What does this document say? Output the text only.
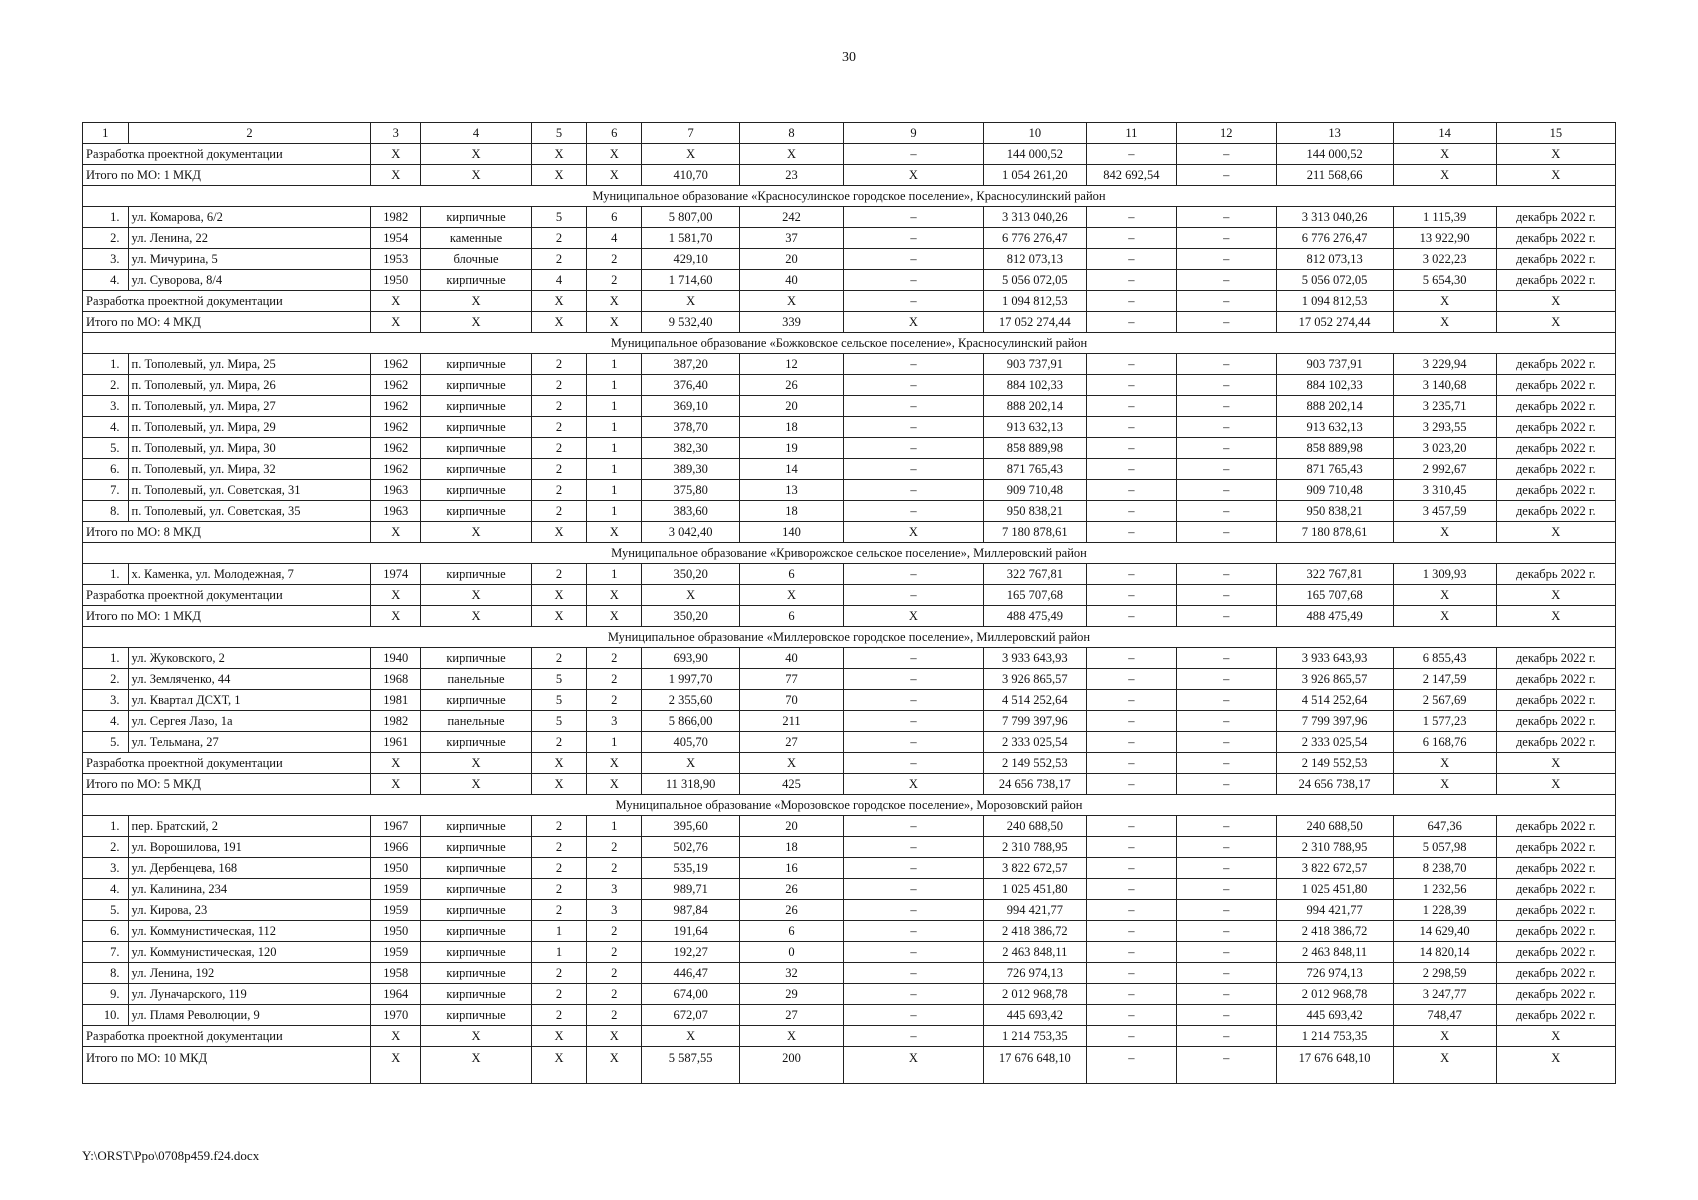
30
1	2	3	4	5	6	7	8	9	10	11	12	13	14	15
Разработка проектной документации		X	X	X	X	X	X	–	144 000,52	–	–	144 000,52	X	X
Итого по МО: 1 МКД		X	X	X	X	410,70	23	X	1 054 261,20	842 692,54	–	211 568,66	X	X
Муниципальное образование «Красносулинское городское поселение», Красносулинский район														
1.	ул. Комарова, 6/2	1982	кирпичные	5	6	5 807,00	242	–	3 313 040,26	–	–	3 313 040,26	1 115,39	декабрь 2022 г.
2.	ул. Ленина, 22	1954	каменные	2	4	1 581,70	37	–	6 776 276,47	–	–	6 776 276,47	13 922,90	декабрь 2022 г.
3.	ул. Мичурина, 5	1953	блочные	2	2	429,10	20	–	812 073,13	–	–	812 073,13	3 022,23	декабрь 2022 г.
4.	ул. Суворова, 8/4	1950	кирпичные	4	2	1 714,60	40	–	5 056 072,05	–	–	5 056 072,05	5 654,30	декабрь 2022 г.
Разработка проектной документации		X	X	X	X	X	X	–	1 094 812,53	–	–	1 094 812,53	X	X
Итого по МО: 4 МКД		X	X	X	X	9 532,40	339	X	17 052 274,44	–	–	17 052 274,44	X	X
Муниципальное образование «Божковское сельское поселение», Красносулинский район														
1.	п. Тополевый, ул. Мира, 25	1962	кирпичные	2	1	387,20	12	–	903 737,91	–	–	903 737,91	3 229,94	декабрь 2022 г.
2.	п. Тополевый, ул. Мира, 26	1962	кирпичные	2	1	376,40	26	–	884 102,33	–	–	884 102,33	3 140,68	декабрь 2022 г.
3.	п. Тополевый, ул. Мира, 27	1962	кирпичные	2	1	369,10	20	–	888 202,14	–	–	888 202,14	3 235,71	декабрь 2022 г.
4.	п. Тополевый, ул. Мира, 29	1962	кирпичные	2	1	378,70	18	–	913 632,13	–	–	913 632,13	3 293,55	декабрь 2022 г.
5.	п. Тополевый, ул. Мира, 30	1962	кирпичные	2	1	382,30	19	–	858 889,98	–	–	858 889,98	3 023,20	декабрь 2022 г.
6.	п. Тополевый, ул. Мира, 32	1962	кирпичные	2	1	389,30	14	–	871 765,43	–	–	871 765,43	2 992,67	декабрь 2022 г.
7.	п. Тополевый, ул. Советская, 31	1963	кирпичные	2	1	375,80	13	–	909 710,48	–	–	909 710,48	3 310,45	декабрь 2022 г.
8.	п. Тополевый, ул. Советская, 35	1963	кирпичные	2	1	383,60	18	–	950 838,21	–	–	950 838,21	3 457,59	декабрь 2022 г.
Итого по МО: 8 МКД		X	X	X	X	3 042,40	140	X	7 180 878,61	–	–	7 180 878,61	X	X
Муниципальное образование «Криворожское сельское поселение», Миллеровский район														
1.	х. Каменка, ул. Молодежная, 7	1974	кирпичные	2	1	350,20	6	–	322 767,81	–	–	322 767,81	1 309,93	декабрь 2022 г.
Разработка проектной документации		X	X	X	X	X	X	–	165 707,68	–	–	165 707,68	X	X
Итого по МО: 1 МКД		X	X	X	X	350,20	6	X	488 475,49	–	–	488 475,49	X	X
Муниципальное образование «Миллеровское городское поселение», Миллеровский район														
1.	ул. Жуковского, 2	1940	кирпичные	2	2	693,90	40	–	3 933 643,93	–	–	3 933 643,93	6 855,43	декабрь 2022 г.
2.	ул. Земляченко, 44	1968	панельные	5	2	1 997,70	77	–	3 926 865,57	–	–	3 926 865,57	2 147,59	декабрь 2022 г.
3.	ул. Квартал ДСХТ, 1	1981	кирпичные	5	2	2 355,60	70	–	4 514 252,64	–	–	4 514 252,64	2 567,69	декабрь 2022 г.
4.	ул. Сергея Лазо, 1а	1982	панельные	5	3	5 866,00	211	–	7 799 397,96	–	–	7 799 397,96	1 577,23	декабрь 2022 г.
5.	ул. Тельмана, 27	1961	кирпичные	2	1	405,70	27	–	2 333 025,54	–	–	2 333 025,54	6 168,76	декабрь 2022 г.
Разработка проектной документации		X	X	X	X	X	X	–	2 149 552,53	–	–	2 149 552,53	X	X
Итого по МО: 5 МКД		X	X	X	X	11 318,90	425	X	24 656 738,17	–	–	24 656 738,17	X	X
Муниципальное образование «Морозовское городское поселение», Морозовский район														
1.	пер. Братский, 2	1967	кирпичные	2	1	395,60	20	–	240 688,50	–	–	240 688,50	647,36	декабрь 2022 г.
2.	ул. Ворошилова, 191	1966	кирпичные	2	2	502,76	18	–	2 310 788,95	–	–	2 310 788,95	5 057,98	декабрь 2022 г.
3.	ул. Дербенцева, 168	1950	кирпичные	2	2	535,19	16	–	3 822 672,57	–	–	3 822 672,57	8 238,70	декабрь 2022 г.
4.	ул. Калинина, 234	1959	кирпичные	2	3	989,71	26	–	1 025 451,80	–	–	1 025 451,80	1 232,56	декабрь 2022 г.
5.	ул. Кирова, 23	1959	кирпичные	2	3	987,84	26	–	994 421,77	–	–	994 421,77	1 228,39	декабрь 2022 г.
6.	ул. Коммунистическая, 112	1950	кирпичные	1	2	191,64	6	–	2 418 386,72	–	–	2 418 386,72	14 629,40	декабрь 2022 г.
7.	ул. Коммунистическая, 120	1959	кирпичные	1	2	192,27	0	–	2 463 848,11	–	–	2 463 848,11	14 820,14	декабрь 2022 г.
8.	ул. Ленина, 192	1958	кирпичные	2	2	446,47	32	–	726 974,13	–	–	726 974,13	2 298,59	декабрь 2022 г.
9.	ул. Луначарского, 119	1964	кирпичные	2	2	674,00	29	–	2 012 968,78	–	–	2 012 968,78	3 247,77	декабрь 2022 г.
10.	ул. Пламя Революции, 9	1970	кирпичные	2	2	672,07	27	–	445 693,42	–	–	445 693,42	748,47	декабрь 2022 г.
Разработка проектной документации		X	X	X	X	X	X	–	1 214 753,35	–	–	1 214 753,35	X	X
Итого по МО: 10 МКД		X	X	X	X	5 587,55	200	X	17 676 648,10	–	–	17 676 648,10	X	X
Y:\ORST\Ppo\0708p459.f24.docx
